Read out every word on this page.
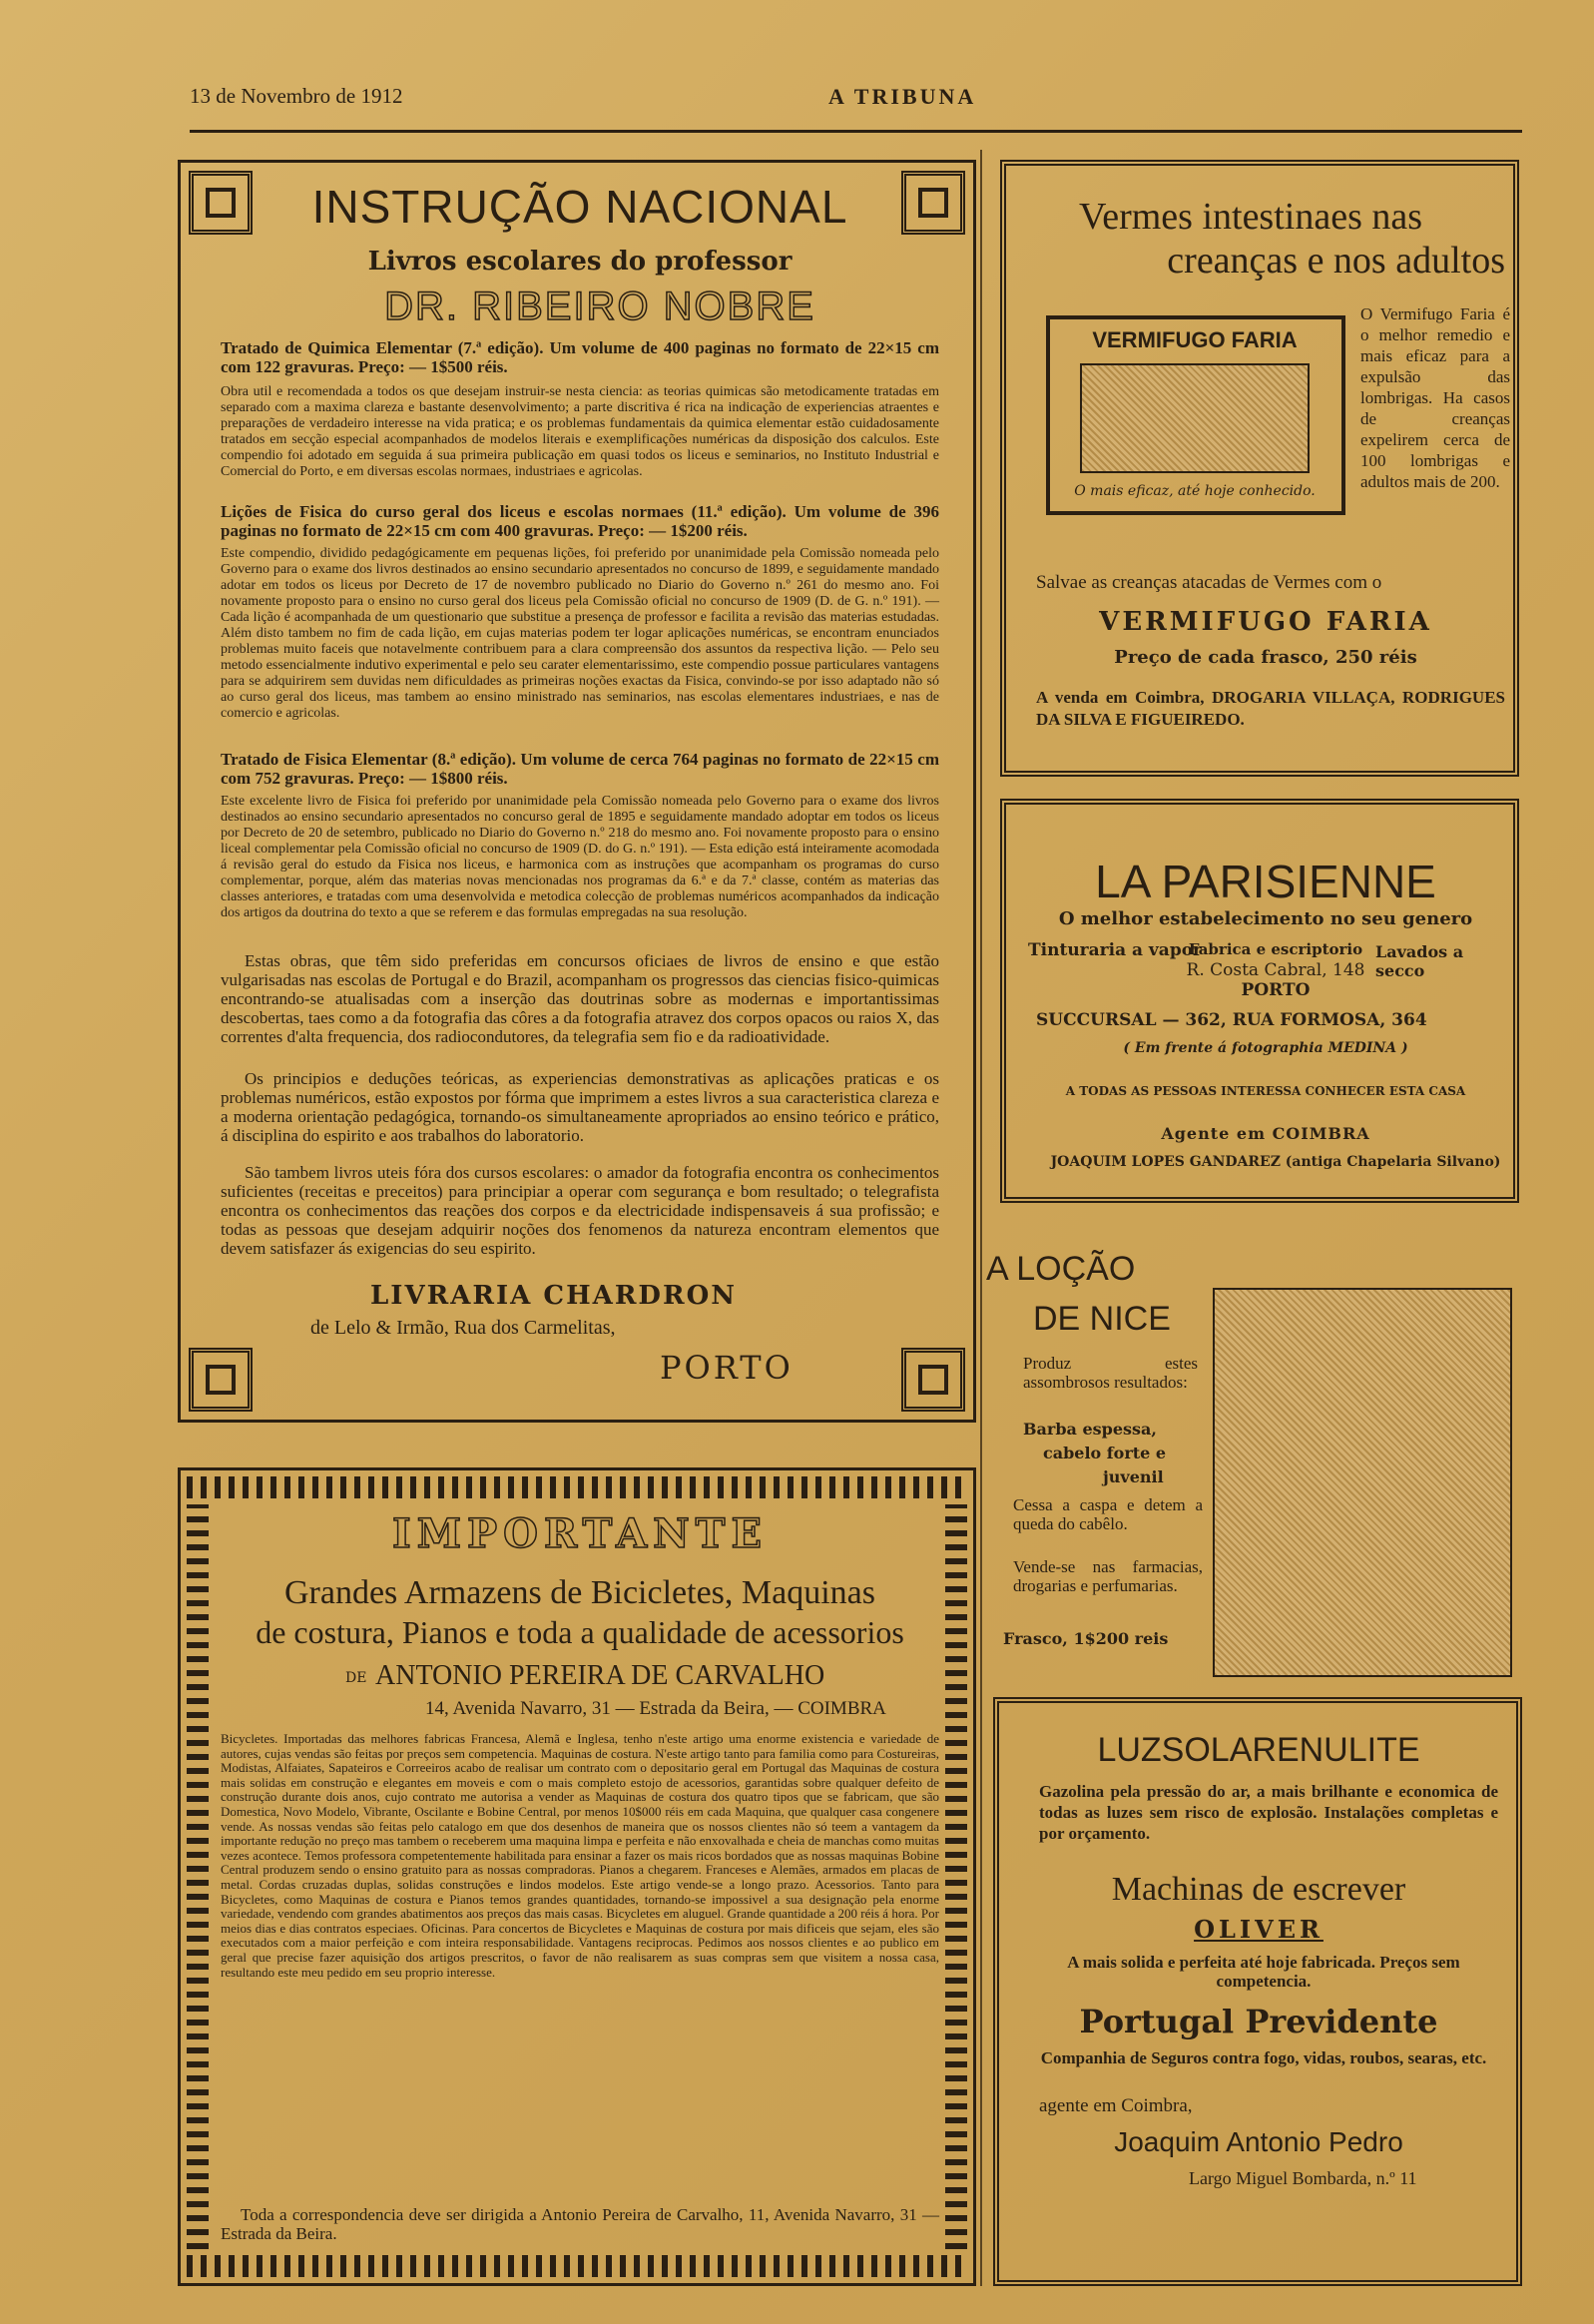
13 de Novembro de 1912	A TRIBUNA
INSTRUÇÃO NACIONAL
Livros escolares do professor
DR. RIBEIRO NOBRE
Tratado de Quimica Elementar (7.ª edição). Um volume de 400 paginas no formato de 22×15 cm com 122 gravuras. Preço: — 1$500 réis.
Obra util e recomendada a todos os que desejam instruir-se nesta ciencia: as teorias quimicas são metodicamente tratadas em separado com a maxima clareza e bastante desenvolvimento; a parte discritiva é rica na indicação de experiencias atraentes e preparações de verdadeiro interesse na vida pratica; e os problemas fundamentais da quimica elementar estão cuidadosamente tratados em secção especial acompanhados de modelos literais e exemplificações numéricas da disposição dos calculos. Este compendio foi adotado em seguida á sua primeira publicação em quasi todos os liceus e seminarios, no Instituto Industrial e Comercial do Porto, e em diversas escolas normaes, industriaes e agricolas.
Lições de Fisica do curso geral dos liceus e escolas normaes (11.ª edição). Um volume de 396 paginas no formato de 22×15 cm com 400 gravuras. Preço: — 1$200 réis.
Este compendio, dividido pedagógicamente em pequenas lições, foi preferido por unanimidade pela Comissão nomeada pelo Governo para o exame dos livros destinados ao ensino secundario apresentados no concurso de 1899, e seguidamente mandado adotar em todos os liceus por Decreto de 17 de novembro publicado no Diario do Governo n.º 261 do mesmo ano. Foi novamente proposto para o ensino no curso geral dos liceus pela Comissão oficial no concurso de 1909 (D. de G. n.º 191). — Cada lição é acompanhada de um questionario que substitue a presença de professor e facilita a revisão das materias estudadas. Além disto tambem no fim de cada lição, em cujas materias podem ter logar aplicações numéricas, se encontram enunciados problemas muito faceis que notavelmente contribuem para a clara compreensão dos assuntos da respectiva lição. — Pelo seu metodo essencialmente indutivo experimental e pelo seu carater elementarissimo, este compendio possue particulares vantagens para se adquirirem sem duvidas nem dificuldades as primeiras noções exactas da Fisica, convindo-se por isso adaptado não só ao curso geral dos liceus, mas tambem ao ensino ministrado nas seminarios, nas escolas elementares industriaes, e nas de comercio e agricolas.
Tratado de Fisica Elementar (8.ª edição). Um volume de cerca 764 paginas no formato de 22×15 cm com 752 gravuras. Preço: — 1$800 réis.
Este excelente livro de Fisica foi preferido por unanimidade pela Comissão nomeada pelo Governo para o exame dos livros destinados ao ensino secundario apresentados no concurso geral de 1895 e seguidamente mandado adoptar em todos os liceus por Decreto de 20 de setembro, publicado no Diario do Governo n.º 218 do mesmo ano. Foi novamente proposto para o ensino liceal complementar pela Comissão oficial no concurso de 1909 (D. do G. n.º 191). — Esta edição está inteiramente acomodada á revisão geral do estudo da Fisica nos liceus, e harmonica com as instruções que acompanham os programas do curso complementar, porque, além das materias novas mencionadas nos programas da 6.ª e da 7.ª classe, contém as materias das classes anteriores, e tratadas com uma desenvolvida e metodica colecção de problemas numéricos acompanhados da indicação dos artigos da doutrina do texto a que se referem e das formulas empregadas na sua resolução.
Estas obras, que têm sido preferidas em concursos oficiaes de livros de ensino e que estão vulgarisadas nas escolas de Portugal e do Brazil, acompanham os progressos das ciencias fisico-quimicas encontrando-se atualisadas com a inserção das doutrinas sobre as modernas e importantissimas descobertas, taes como a da fotografia das côres a da fotografia atravez dos corpos opacos ou raios X, das correntes d'alta frequencia, dos radiocondutores, da telegrafia sem fio e da radioatividade.
Os principios e deduções teóricas, as experiencias demonstrativas as aplicações praticas e os problemas numéricos, estão expostos por fórma que imprimem a estes livros a sua caracteristica clareza e a moderna orientação pedagógica, tornando-os simultaneamente apropriados ao ensino teórico e prático, á disciplina do espirito e aos trabalhos do laboratorio.
São tambem livros uteis fóra dos cursos escolares: o amador da fotografia encontra os conhecimentos suficientes (receitas e preceitos) para principiar a operar com segurança e bom resultado; o telegrafista encontra os conhecimentos das reações dos corpos e da electricidade indispensaveis á sua profissão; e todas as pessoas que desejam adquirir noções dos fenomenos da natureza encontram elementos que devem satisfazer ás exigencias do seu espirito.
LIVRARIA CHARDRON
de Lelo & Irmão, Rua dos Carmelitas,
PORTO
IMPORTANTE
Grandes Armazens de Bicicletes, Maquinas
de costura, Pianos e toda a qualidade de acessorios
DE ANTONIO PEREIRA DE CARVALHO
14, Avenida Navarro, 31 — Estrada da Beira, — COIMBRA
Bicycletes. Importadas das melhores fabricas Francesa, Alemã e Inglesa, tenho n'este artigo uma enorme existencia e variedade de autores, cujas vendas são feitas por preços sem competencia. Maquinas de costura. N'este artigo tanto para familia como para Costureiras, Modistas, Alfaiates, Sapateiros e Correeiros acabo de realisar um contrato com o depositario geral em Portugal das Maquinas de costura mais solidas em construção e elegantes em moveis e com o mais completo estojo de acessorios, garantidas sobre qualquer defeito de construção durante dois anos, cujo contrato me autorisa a vender as Maquinas de costura dos quatro tipos que se fabricam, que são Domestica, Novo Modelo, Vibrante, Oscilante e Bobine Central, por menos 10$000 réis em cada Maquina, que qualquer casa congenere vende. As nossas vendas são feitas pelo catalogo em que dos desenhos de maneira que os nossos clientes não só teem a vantagem da importante redução no preço mas tambem o receberem uma maquina limpa e perfeita e não enxovalhada e cheia de manchas como muitas vezes acontece. Temos professora competentemente habilitada para ensinar a fazer os mais ricos bordados que as nossas maquinas Bobine Central produzem sendo o ensino gratuito para as nossas compradoras. Pianos a chegarem. Franceses e Alemães, armados em placas de metal. Cordas cruzadas duplas, solidas construções e lindos modelos. Este artigo vende-se a longo prazo. Acessorios. Tanto para Bicycletes, como Maquinas de costura e Pianos temos grandes quantidades, tornando-se impossivel a sua designação pela enorme variedade, vendendo com grandes abatimentos aos preços das mais casas. Bicycletes em aluguel. Grande quantidade a 200 réis á hora. Por meios dias e dias contratos especiaes. Oficinas. Para concertos de Bicycletes e Maquinas de costura por mais dificeis que sejam, eles são executados com a maior perfeição e com inteira responsabilidade. Vantagens reciprocas. Pedimos aos nossos clientes e ao publico em geral que precise fazer aquisição dos artigos prescritos, o favor de não realisarem as suas compras sem que visitem a nossa casa, resultando este meu pedido em seu proprio interesse.
Toda a correspondencia deve ser dirigida a Antonio Pereira de Carvalho, 11, Avenida Navarro, 31 — Estrada da Beira.
Vermes intestinaes nas
creanças e nos adultos
VERMIFUGO FARIA
O mais eficaz, até hoje conhecido.
O Vermifugo Faria é o melhor remedio e mais eficaz para a expulsão das lombrigas. Ha casos de creanças expelirem cerca de 100 lombrigas e adultos mais de 200.
Salvae as creanças atacadas de Vermes com o
VERMIFUGO FARIA
Preço de cada frasco, 250 réis
A venda em Coimbra, DROGARIA VILLAÇA, RODRIGUES DA SILVA E FIGUEIREDO.
LA PARISIENNE
O melhor estabelecimento no seu genero
Tinturaria a vapor
Fabrica e escriptorio
R. Costa Cabral, 148
PORTO
Lavados a secco
SUCCURSAL — 362, RUA FORMOSA, 364
( Em frente á fotographia MEDINA )
A TODAS AS PESSOAS INTERESSA CONHECER ESTA CASA
Agente em COIMBRA
JOAQUIM LOPES GANDAREZ (antiga Chapelaria Silvano)
A LOÇÃO
DE NICE
Produz estes assombrosos resultados:
Barba espessa,
cabelo forte e
juvenil
Cessa a caspa e detem a queda do cabêlo.
Vende-se nas farmacias, drogarias e perfumarias.
Frasco, 1$200 reis
LUZSOLARENULITE
Gazolina pela pressão do ar, a mais brilhante e economica de todas as luzes sem risco de explosão. Instalações completas e por orçamento.
Machinas de escrever
OLIVER
A mais solida e perfeita até hoje fabricada. Preços sem competencia.
Portugal Previdente
Companhia de Seguros contra fogo, vidas, roubos, searas, etc.
agente em Coimbra,
Joaquim Antonio Pedro
Largo Miguel Bombarda, n.º 11
